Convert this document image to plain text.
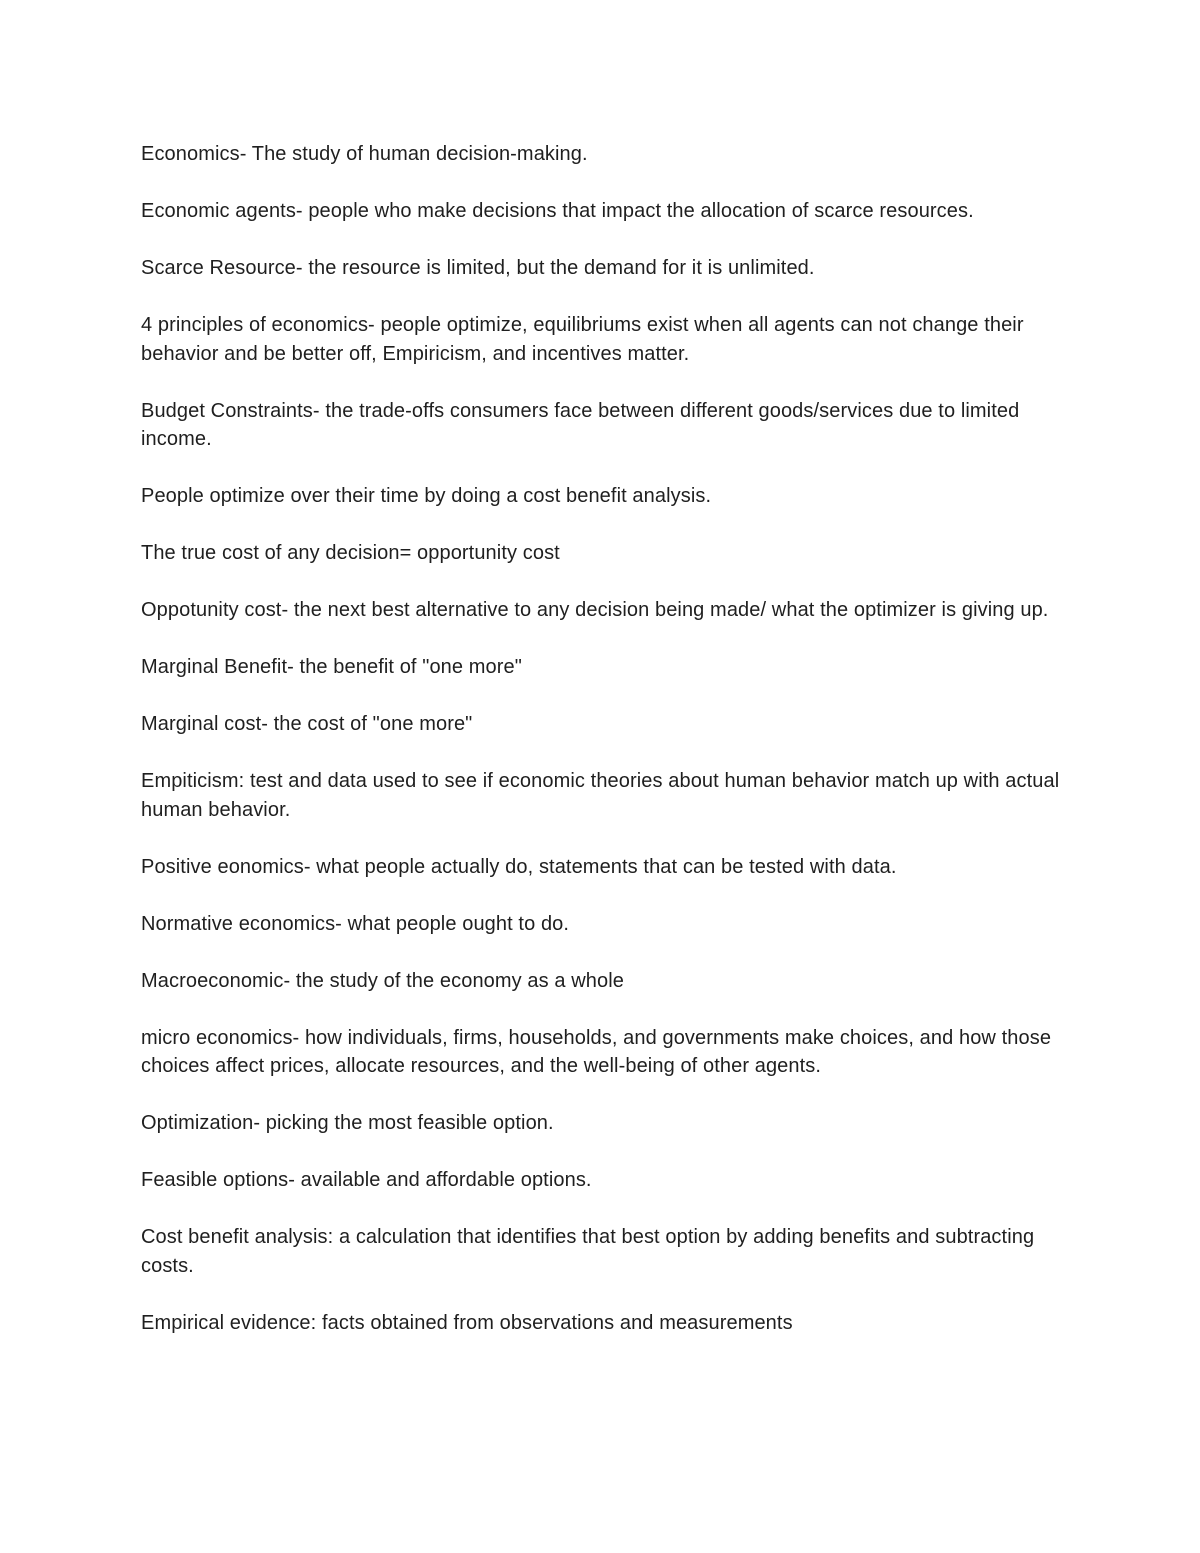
Economics- The study of human decision-making.

Economic agents- people who make decisions that impact the allocation of scarce resources.

Scarce Resource- the resource is limited, but the demand for it is unlimited.

4 principles of economics- people optimize, equilibriums exist when all agents can not change their behavior and be better off, Empiricism, and incentives matter.

Budget Constraints- the trade-offs consumers face between different goods/services due to limited income.

People optimize over their time by doing a cost benefit analysis.

The true cost of any decision= opportunity cost

Oppotunity cost- the next best alternative to any decision being made/ what the optimizer is giving up.

Marginal Benefit- the benefit of "one more"

Marginal cost- the cost of "one more"

Empiticism: test and data used to see if economic theories about human behavior match up with actual human behavior.

Positive eonomics- what people actually do, statements that can be tested with data.

Normative economics- what people ought to do.

Macroeconomic- the study of the economy as a whole

micro economics- how individuals, firms, households, and governments make choices, and how those choices affect prices, allocate resources, and the well-being of other agents.

Optimization- picking the most feasible option.

Feasible options- available and affordable options.

Cost benefit analysis: a calculation that identifies that best option by adding benefits and subtracting costs.

Empirical evidence: facts obtained from observations and measurements
